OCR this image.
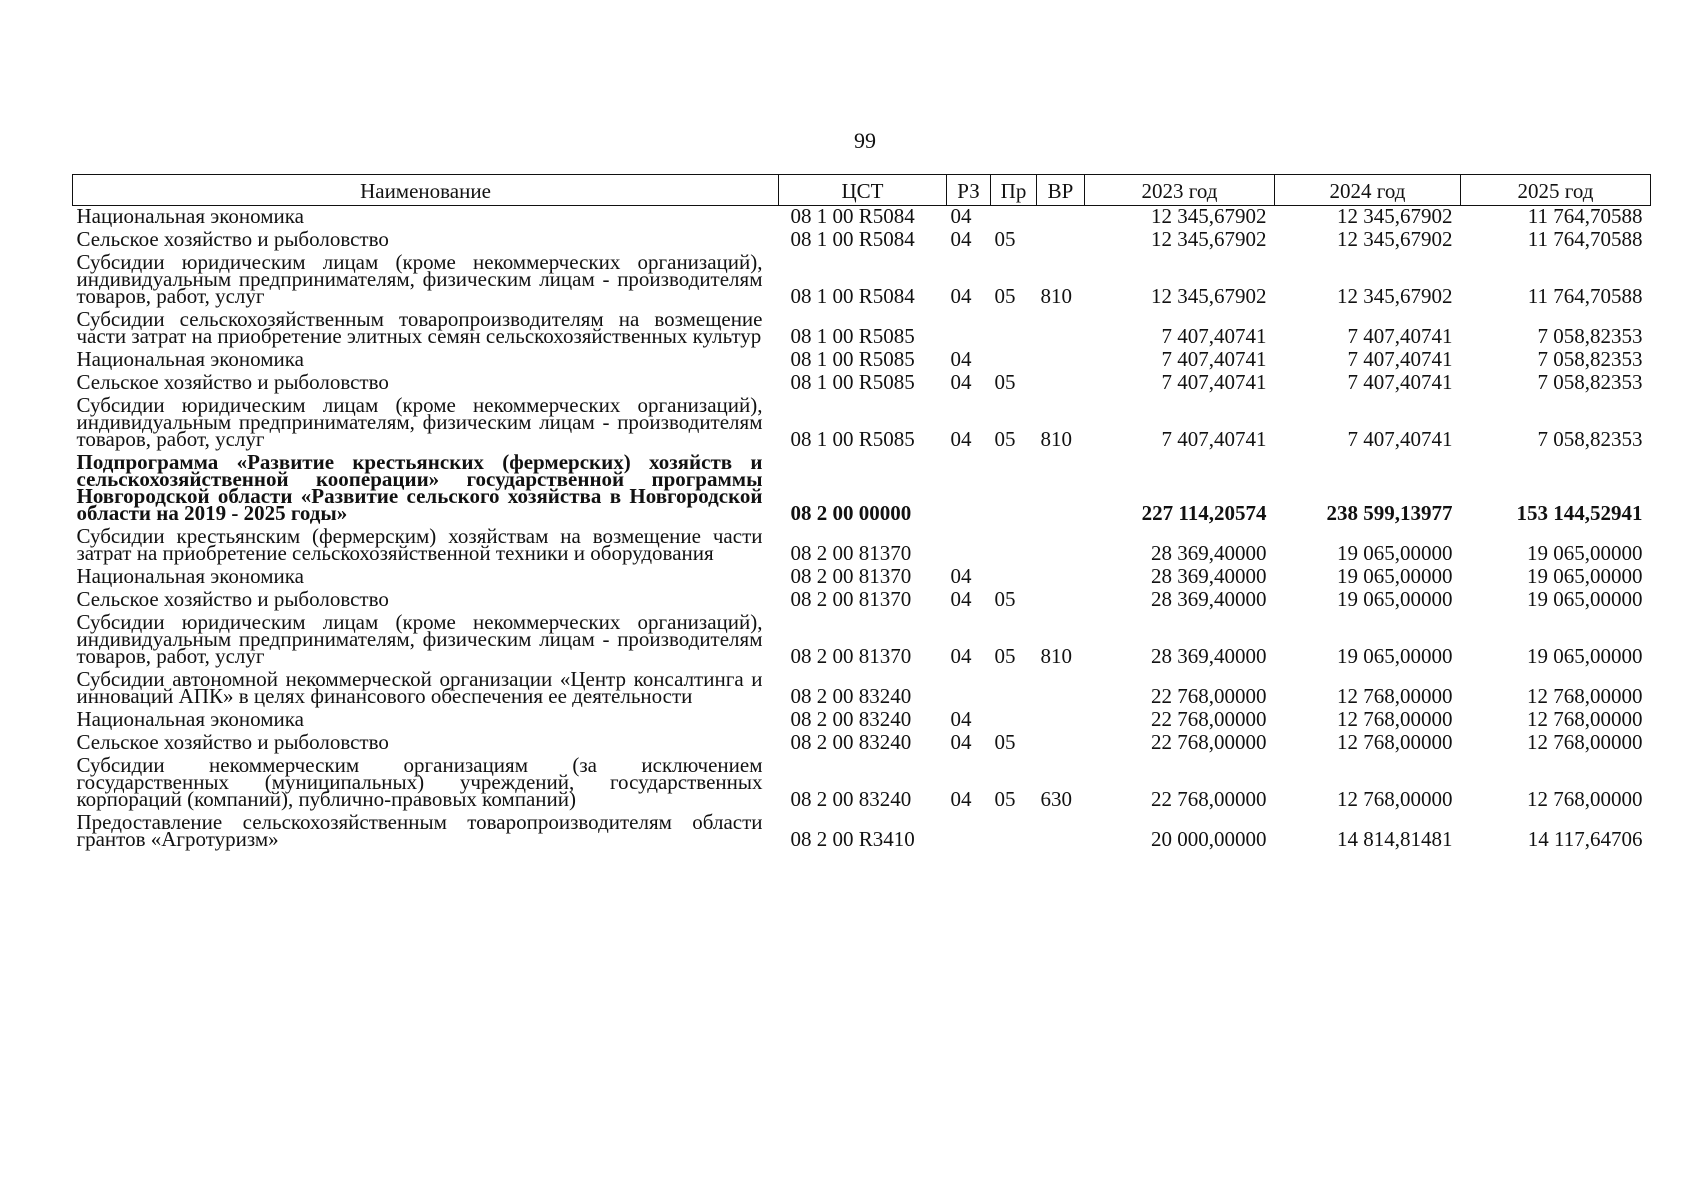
99
Наименование	ЦСТ	РЗ	Пр	ВР	2023 год	2024 год	2025 год
Национальная экономика	08 1 00 R5084	04			12 345,67902	12 345,67902	11 764,70588
Сельское хозяйство и рыболовство	08 1 00 R5084	04	05		12 345,67902	12 345,67902	11 764,70588
Субсидии юридическим лицам (кроме некоммерческих организаций), индивидуальным предпринимателям, физическим лицам - производителям товаров, работ, услуг	08 1 00 R5084	04	05	810	12 345,67902	12 345,67902	11 764,70588
Субсидии сельскохозяйственным товаропроизводителям на возмещение части затрат на приобретение элитных семян сельскохозяйственных культур	08 1 00 R5085				7 407,40741	7 407,40741	7 058,82353
Национальная экономика	08 1 00 R5085	04			7 407,40741	7 407,40741	7 058,82353
Сельское хозяйство и рыболовство	08 1 00 R5085	04	05		7 407,40741	7 407,40741	7 058,82353
Субсидии юридическим лицам (кроме некоммерческих организаций), индивидуальным предпринимателям, физическим лицам - производителям товаров, работ, услуг	08 1 00 R5085	04	05	810	7 407,40741	7 407,40741	7 058,82353
Подпрограмма «Развитие крестьянских (фермерских) хозяйств и сельскохозяйственной кооперации» государственной программы Новгородской области «Развитие сельского хозяйства в Новгородской области на 2019 - 2025 годы»	08 2 00 00000				227 114,20574	238 599,13977	153 144,52941
Субсидии крестьянским (фермерским) хозяйствам на возмещение части затрат на приобретение сельскохозяйственной техники и оборудования	08 2 00 81370				28 369,40000	19 065,00000	19 065,00000
Национальная экономика	08 2 00 81370	04			28 369,40000	19 065,00000	19 065,00000
Сельское хозяйство и рыболовство	08 2 00 81370	04	05		28 369,40000	19 065,00000	19 065,00000
Субсидии юридическим лицам (кроме некоммерческих организаций), индивидуальным предпринимателям, физическим лицам - производителям товаров, работ, услуг	08 2 00 81370	04	05	810	28 369,40000	19 065,00000	19 065,00000
Субсидии автономной некоммерческой организации «Центр консалтинга и инноваций АПК» в целях финансового обеспечения ее деятельности	08 2 00 83240				22 768,00000	12 768,00000	12 768,00000
Национальная экономика	08 2 00 83240	04			22 768,00000	12 768,00000	12 768,00000
Сельское хозяйство и рыболовство	08 2 00 83240	04	05		22 768,00000	12 768,00000	12 768,00000
Субсидии некоммерческим организациям (за исключением государственных (муниципальных) учреждений, государственных корпораций (компаний), публично-правовых компаний)	08 2 00 83240	04	05	630	22 768,00000	12 768,00000	12 768,00000
Предоставление сельскохозяйственным товаропроизводителям области грантов «Агротуризм»	08 2 00 R3410				20 000,00000	14 814,81481	14 117,64706
